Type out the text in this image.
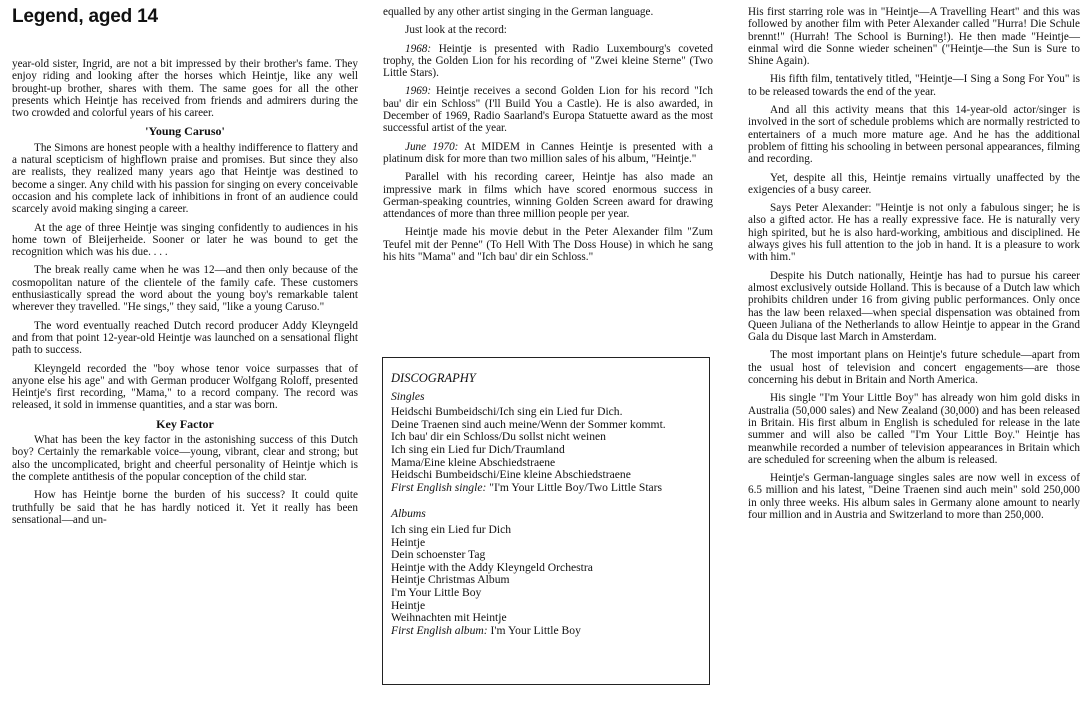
Legend, aged 14

year-old sister, Ingrid, are not a bit impressed by their brother's fame. They enjoy riding and looking after the horses which Heintje, like any well brought-up brother, shares with them. The same goes for all the other presents which Heintje has received from friends and admirers during the two crowded and colorful years of his career.

'Young Caruso'

The Simons are honest people with a healthy indifference to flattery and a natural scepticism of highflown praise and promises. But since they also are realists, they realized many years ago that Heintje was destined to become a singer. Any child with his passion for singing on every conceivable occasion and his complete lack of inhibitions in front of an audience could scarcely avoid making singing a career.

At the age of three Heintje was singing confidently to audiences in his home town of Bleijerheide. Sooner or later he was bound to get the recognition which was his due. . . .

The break really came when he was 12—and then only because of the cosmopolitan nature of the clientele of the family cafe. These customers enthusiastically spread the word about the young boy's remarkable talent wherever they travelled. "He sings," they said, "like a young Caruso."

The word eventually reached Dutch record producer Addy Kleyngeld and from that point 12-year-old Heintje was launched on a sensational flight path to success.

Kleyngeld recorded the "boy whose tenor voice surpasses that of anyone else his age" and with German producer Wolfgang Roloff, presented Heintje's first recording, "Mama," to a record company. The record was released, it sold in immense quantities, and a star was born.

Key Factor

What has been the key factor in the astonishing success of this Dutch boy? Certainly the remarkable voice—young, vibrant, clear and strong; but also the uncomplicated, bright and cheerful personality of Heintje which is the complete antithesis of the popular conception of the child star.

How has Heintje borne the burden of his success? It could quite truthfully be said that he has hardly noticed it. Yet it really has been sensational—and un-

equalled by any other artist singing in the German language.

Just look at the record:

1968: Heintje is presented with Radio Luxembourg's coveted trophy, the Golden Lion for his recording of "Zwei kleine Sterne" (Two Little Stars).

1969: Heintje receives a second Golden Lion for his record "Ich bau' dir ein Schloss" (I'll Build You a Castle). He is also awarded, in December of 1969, Radio Saarland's Europa Statuette award as the most successful artist of the year.

June 1970: At MIDEM in Cannes Heintje is presented with a platinum disk for more than two million sales of his album, "Heintje."

Parallel with his recording career, Heintje has also made an impressive mark in films which have scored enormous success in German-speaking countries, winning Golden Screen award for drawing attendances of more than three million people per year.

Heintje made his movie debut in the Peter Alexander film "Zum Teufel mit der Penne" (To Hell With The Doss House) in which he sang his hits "Mama" and "Ich bau' dir ein Schloss."

DISCOGRAPHY
Singles
Heidschi Bumbeidschi/Ich sing ein Lied fur Dich.
Deine Traenen sind auch meine/Wenn der Sommer kommt.
Ich bau' dir ein Schloss/Du sollst nicht weinen
Ich sing ein Lied fur Dich/Traumland
Mama/Eine kleine Abschiedstraene
Heidschi Bumbeidschi/Eine kleine Abschiedstraene
First English single: "I'm Your Little Boy/Two Little Stars
Albums
Ich sing ein Lied fur Dich
Heintje
Dein schoenster Tag
Heintje with the Addy Kleyngeld Orchestra
Heintje Christmas Album
I'm Your Little Boy
Heintje
Weihnachten mit Heintje
First English album: I'm Your Little Boy

His first starring role was in "Heintje—A Travelling Heart" and this was followed by another film with Peter Alexander called "Hurra! Die Schule brennt!" (Hurrah! The School is Burning!). He then made "Heintje—einmal wird die Sonne wieder scheinen" ("Heintje—the Sun is Sure to Shine Again).

His fifth film, tentatively titled, "Heintje—I Sing a Song For You" is to be released towards the end of the year.

And all this activity means that this 14-year-old actor/singer is involved in the sort of schedule problems which are normally restricted to entertainers of a much more mature age. And he has the additional problem of fitting his schooling in between personal appearances, filming and recording.

Yet, despite all this, Heintje remains virtually unaffected by the exigencies of a busy career.

Says Peter Alexander: "Heintje is not only a fabulous singer; he is also a gifted actor. He has a really expressive face. He is naturally very high spirited, but he is also hard-working, ambitious and disciplined. He always gives his full attention to the job in hand. It is a pleasure to work with him."

Despite his Dutch nationally, Heintje has had to pursue his career almost exclusively outside Holland. This is because of a Dutch law which prohibits children under 16 from giving public performances. Only once has the law been relaxed—when special dispensation was obtained from Queen Juliana of the Netherlands to allow Heintje to appear in the Grand Gala du Disque last March in Amsterdam.

The most important plans on Heintje's future schedule—apart from the usual host of television and concert engagements—are those concerning his debut in Britain and North America.

His single "I'm Your Little Boy" has already won him gold disks in Australia (50,000 sales) and New Zealand (30,000) and has been released in Britain. His first album in English is scheduled for release in the late summer and will also be called "I'm Your Little Boy." Heintje has meanwhile recorded a number of television appearances in Britain which are scheduled for screening when the album is released.

Heintje's German-language singles sales are now well in excess of 6.5 million and his latest, "Deine Traenen sind auch mein" sold 250,000 in only three weeks. His album sales in Germany alone amount to nearly four million and in Austria and Switzerland to more than 250,000.
